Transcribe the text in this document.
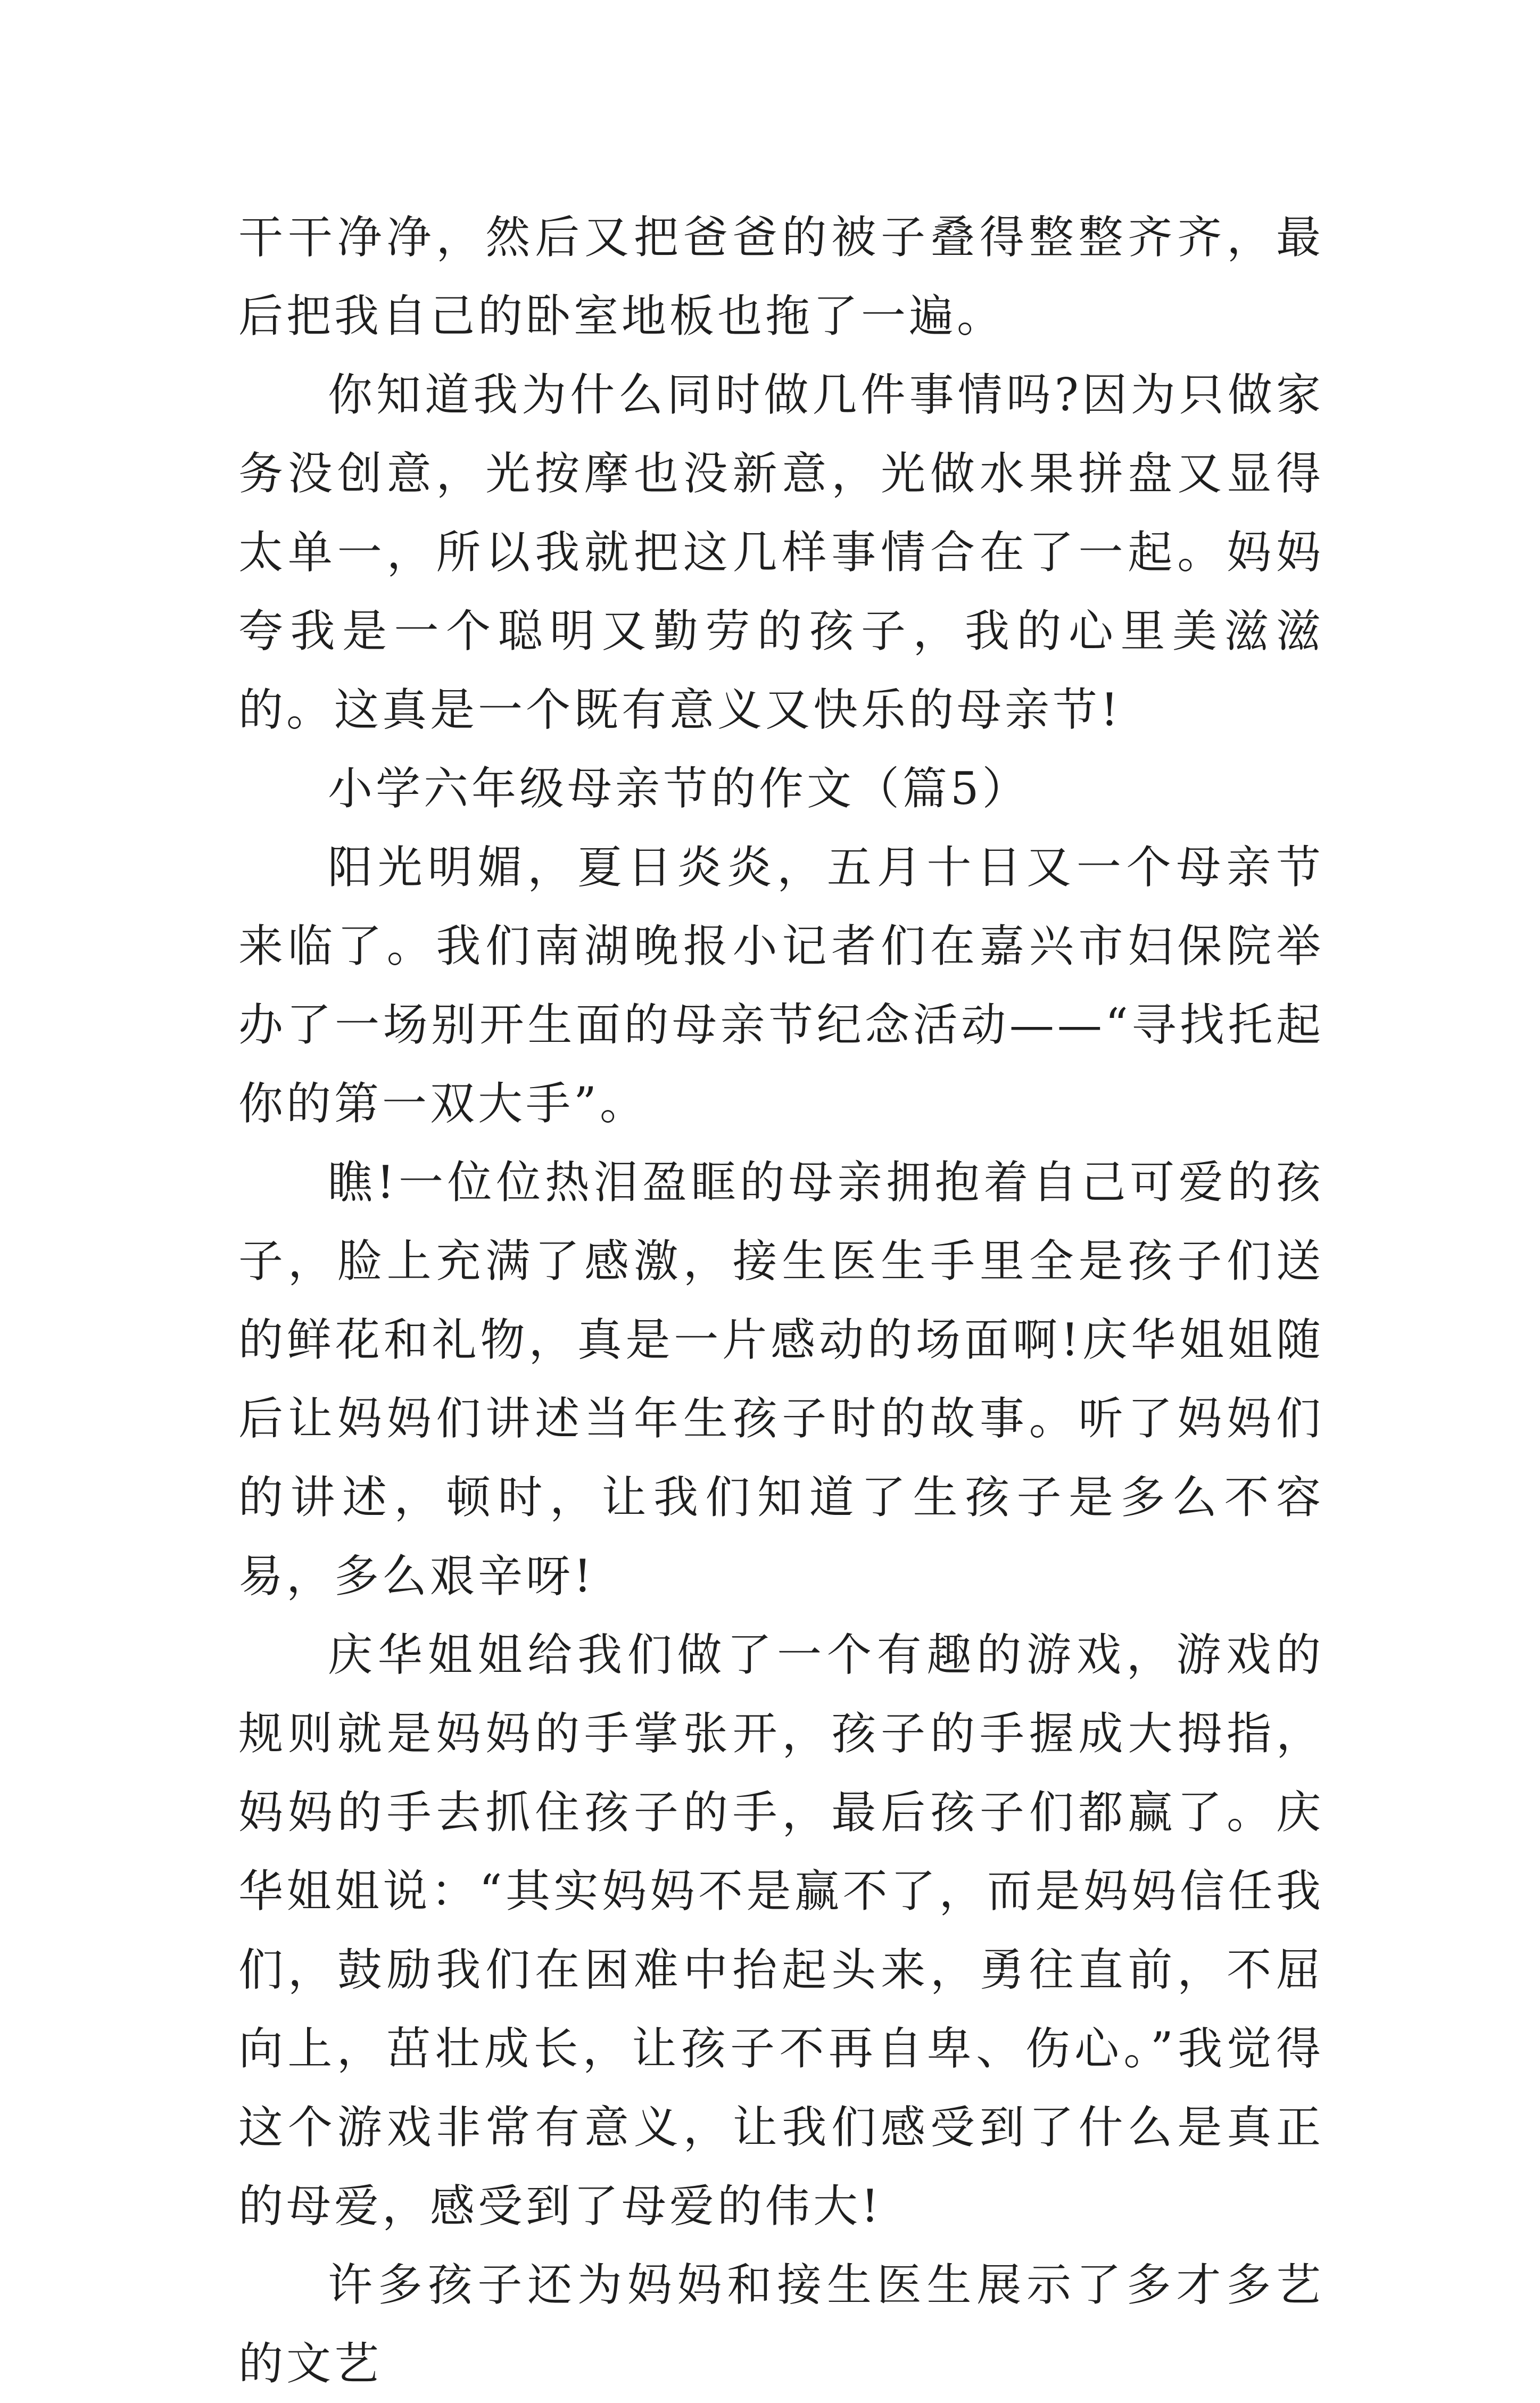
干干净净，然后又把爸爸的被子叠得整整齐齐，最后把我自己的卧室地板也拖了一遍。

你知道我为什么同时做几件事情吗?因为只做家务没创意，光按摩也没新意，光做水果拼盘又显得太单一，所以我就把这几样事情合在了一起。妈妈夸我是一个聪明又勤劳的孩子，我的心里美滋滋的。这真是一个既有意义又快乐的母亲节!

小学六年级母亲节的作文（篇5）

阳光明媚，夏日炎炎，五月十日又一个母亲节来临了。我们南湖晚报小记者们在嘉兴市妇保院举办了一场别开生面的母亲节纪念活动——“寻找托起你的第一双大手”。

瞧!一位位热泪盈眶的母亲拥抱着自己可爱的孩子，脸上充满了感激，接生医生手里全是孩子们送的鲜花和礼物，真是一片感动的场面啊!庆华姐姐随后让妈妈们讲述当年生孩子时的故事。听了妈妈们的讲述，顿时，让我们知道了生孩子是多么不容易，多么艰辛呀!

庆华姐姐给我们做了一个有趣的游戏，游戏的规则就是妈妈的手掌张开，孩子的手握成大拇指，妈妈的手去抓住孩子的手，最后孩子们都赢了。庆华姐姐说：“其实妈妈不是赢不了，而是妈妈信任我们，鼓励我们在困难中抬起头来，勇往直前，不屈向上，茁壮成长，让孩子不再自卑、伤心。”我觉得这个游戏非常有意义，让我们感受到了什么是真正的母爱，感受到了母爱的伟大!

许多孩子还为妈妈和接生医生展示了多才多艺的文艺
